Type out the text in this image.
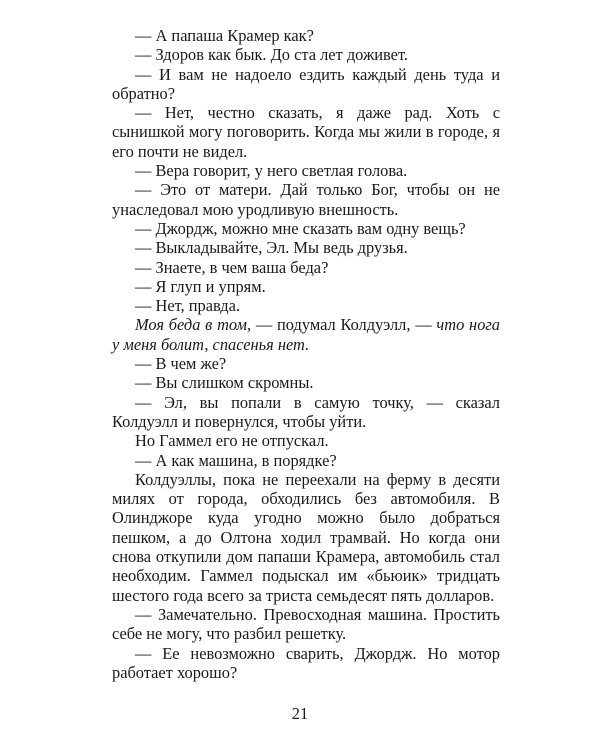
— А папаша Крамер как?

— Здоров как бык. До ста лет доживет.

— И вам не надоело ездить каждый день туда и обратно?

— Нет, честно сказать, я даже рад. Хоть с сынишкой могу поговорить. Когда мы жили в городе, я его почти не видел.

— Вера говорит, у него светлая голова.

— Это от матери. Дай только Бог, чтобы он не унаследовал мою уродливую внешность.

— Джордж, можно мне сказать вам одну вещь?

— Выкладывайте, Эл. Мы ведь друзья.

— Знаете, в чем ваша беда?

— Я глуп и упрям.

— Нет, правда.

Моя беда в том, — подумал Колдуэлл, — что нога у меня болит, спасенья нет.

— В чем же?

— Вы слишком скромны.

— Эл, вы попали в самую точку, — сказал Колдуэлл и повернулся, чтобы уйти.

Но Гаммел его не отпускал.

— А как машина, в порядке?

Колдуэллы, пока не переехали на ферму в десяти милях от города, обходились без автомобиля. В Олинджоре куда угодно можно было добраться пешком, а до Олтона ходил трамвай. Но когда они снова откупили дом папаши Крамера, автомобиль стал необходим. Гаммел подыскал им «бьюик» тридцать шестого года всего за триста семьдесят пять долларов.

— Замечательно. Превосходная машина. Простить себе не могу, что разбил решетку.

— Ее невозможно сварить, Джордж. Но мотор работает хорошо?

21
